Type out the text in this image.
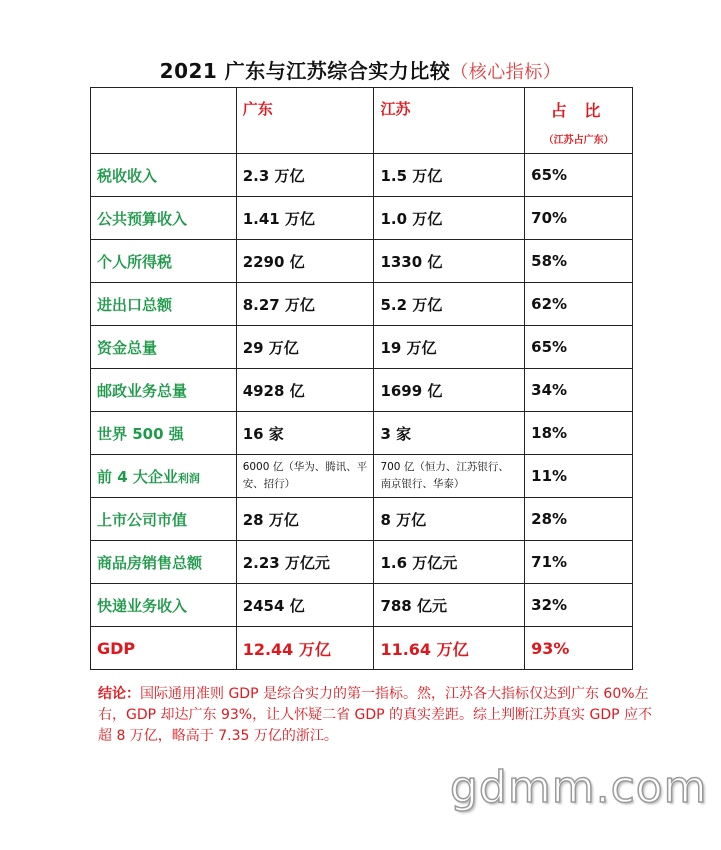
2021 广东与江苏综合实力比较（核心指标）
	广东	江苏	占 比
（江苏占广东）

税收收入	2.3 万亿	1.5 万亿	65%
公共预算收入	1.41 万亿	1.0 万亿	70%
个人所得税	2290 亿	1330 亿	58%
进出口总额	8.27 万亿	5.2 万亿	62%
资金总量	29 万亿	19 万亿	65%
邮政业务总量	4928 亿	1699 亿	34%
世界 500 强	16 家	3 家	18%
前 4 大企业利润	6000 亿（华为、腾讯、平安、招行）	700 亿（恒力、江苏银行、南京银行、华泰）	11%
上市公司市值	28 万亿	8 万亿	28%
商品房销售总额	2.23 万亿元	1.6 万亿元	71%
快递业务收入	2454 亿	788 亿元	32%
GDP	12.44 万亿	11.64 万亿	93%
结论：国际通用准则 GDP 是综合实力的第一指标。然，江苏各大指标仅达到广东 60%左右，GDP 却达广东 93%，让人怀疑二省 GDP 的真实差距。综上判断江苏真实 GDP 应不超 8 万亿，略高于 7.35 万亿的浙江。
gdmm.com
